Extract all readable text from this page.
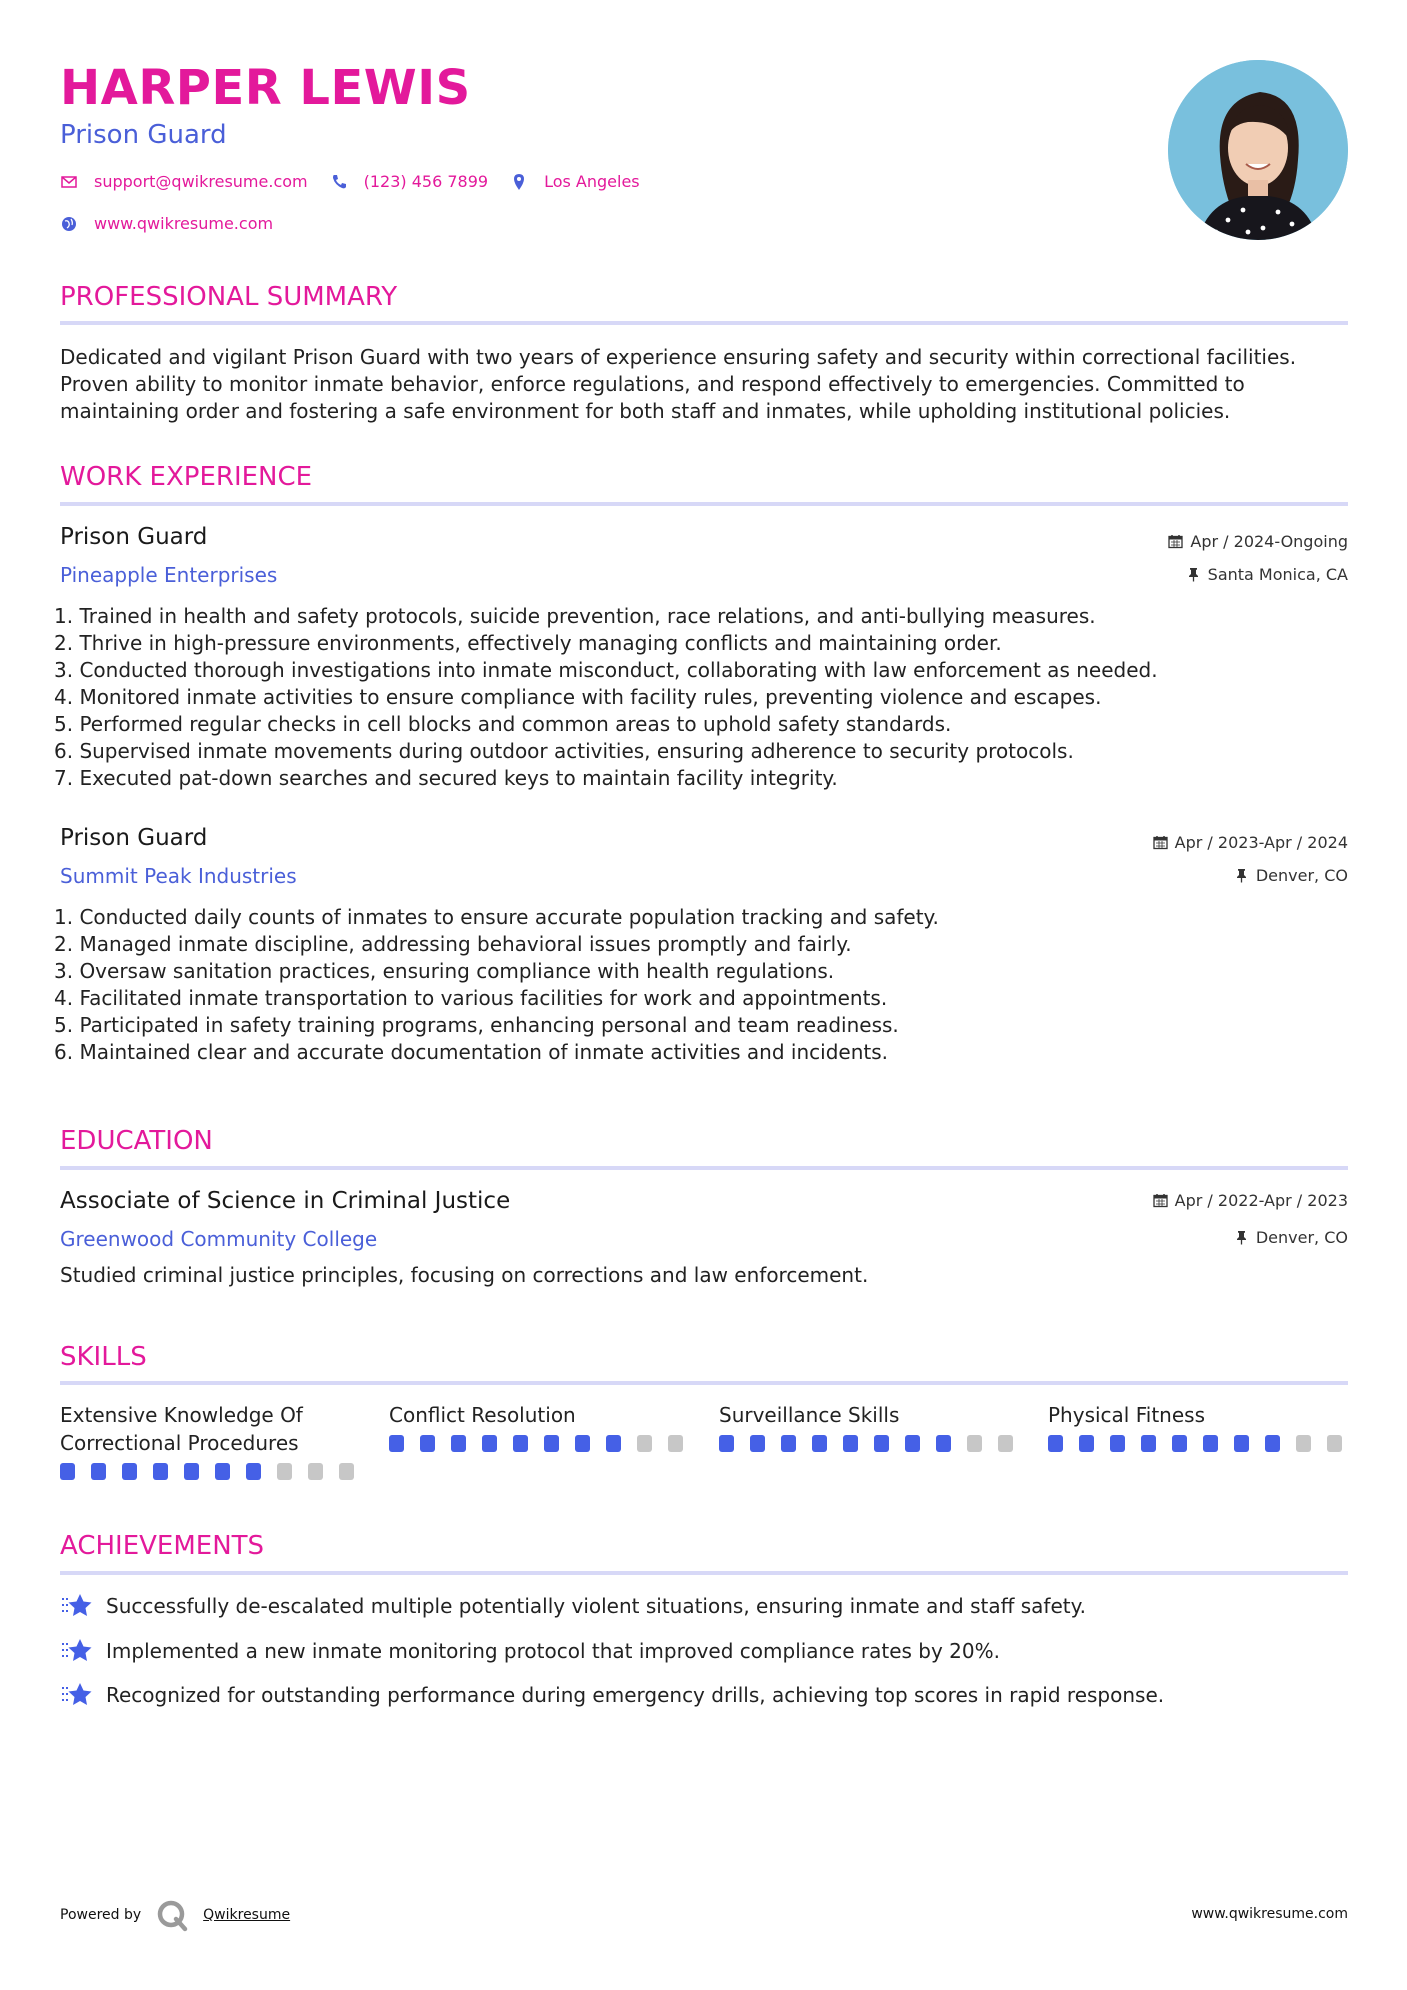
HARPER LEWIS
Prison Guard
support@qwikresume.com	(123) 456 7899	Los Angeles
www.qwikresume.com
PROFESSIONAL SUMMARY
Dedicated and vigilant Prison Guard with two years of experience ensuring safety and security within correctional facilities. Proven ability to monitor inmate behavior, enforce regulations, and respond effectively to emergencies. Committed to maintaining order and fostering a safe environment for both staff and inmates, while upholding institutional policies.
WORK EXPERIENCE
Prison Guard
Pineapple Enterprises
Apr / 2024-Ongoing
Santa Monica, CA
1. Trained in health and safety protocols, suicide prevention, race relations, and anti-bullying measures.
2. Thrive in high-pressure environments, effectively managing conflicts and maintaining order.
3. Conducted thorough investigations into inmate misconduct, collaborating with law enforcement as needed.
4. Monitored inmate activities to ensure compliance with facility rules, preventing violence and escapes.
5. Performed regular checks in cell blocks and common areas to uphold safety standards.
6. Supervised inmate movements during outdoor activities, ensuring adherence to security protocols.
7. Executed pat-down searches and secured keys to maintain facility integrity.
Prison Guard
Summit Peak Industries
Apr / 2023-Apr / 2024
Denver, CO
1. Conducted daily counts of inmates to ensure accurate population tracking and safety.
2. Managed inmate discipline, addressing behavioral issues promptly and fairly.
3. Oversaw sanitation practices, ensuring compliance with health regulations.
4. Facilitated inmate transportation to various facilities for work and appointments.
5. Participated in safety training programs, enhancing personal and team readiness.
6. Maintained clear and accurate documentation of inmate activities and incidents.
EDUCATION
Associate of Science in Criminal Justice
Greenwood Community College
Apr / 2022-Apr / 2023
Denver, CO
Studied criminal justice principles, focusing on corrections and law enforcement.
SKILLS
Extensive Knowledge Of Correctional Procedures
Conflict Resolution	Surveillance Skills	Physical Fitness
ACHIEVEMENTS
Successfully de-escalated multiple potentially violent situations, ensuring inmate and staff safety.
Implemented a new inmate monitoring protocol that improved compliance rates by 20%.
Recognized for outstanding performance during emergency drills, achieving top scores in rapid response.
Powered by	Qwikresume	www.qwikresume.com
